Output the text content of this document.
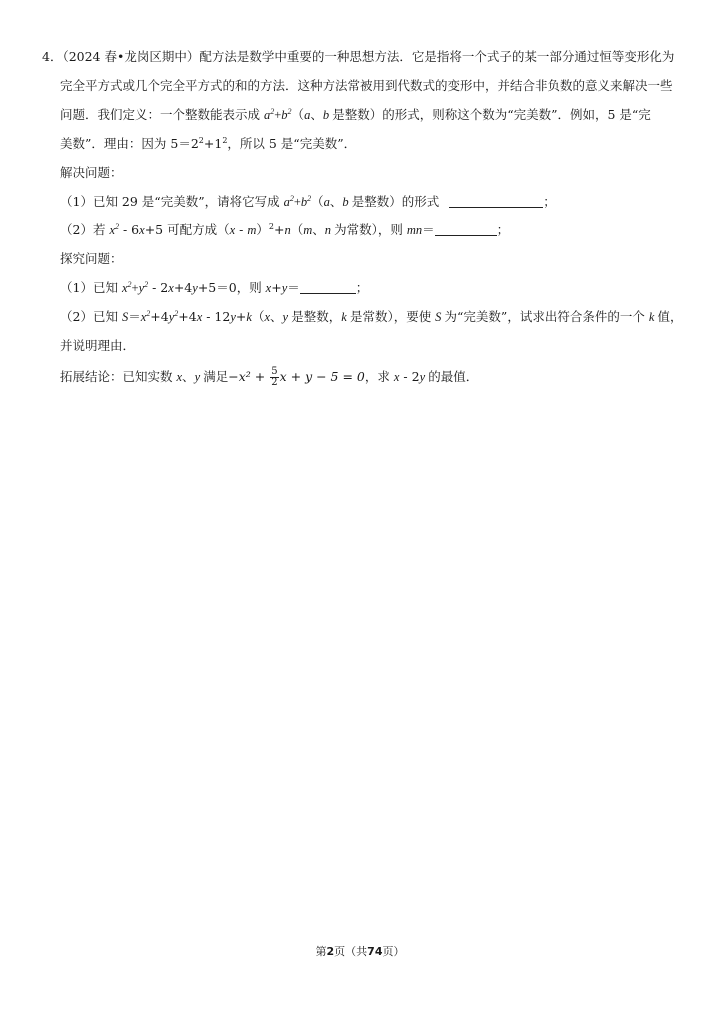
4．（2024 春•龙岗区期中）配方法是数学中重要的一种思想方法．它是指将一个式子的某一部分通过恒等变形化为
完全平方式或几个完全平方式的和的方法．这种方法常被用到代数式的变形中，并结合非负数的意义来解决一些
问题．我们定义：一个整数能表示成 $a^2+b^2(a$、b 是整数）的形式，则称这个数为“完美数”．例如，5 是“完
美数”．理由：因为 $5=2^2+1^2$，所以 5 是“完美数”．
解决问题：
（1）已知 29 是“完美数”，请将它写成 $a^2+b^2(a$、b 是整数）的形式	；
（2）若 $x^2 - 6x+5$ 可配方成（x - m）$^2$+n（m、n 为常数），则 mn＝	；
探究问题：
（1）已知 $x^2+y^2 - 2x+4y+5=0$，则 x+y＝	；
（2）已知 $S=x^2+4y^2+4x - 12y+k(x$、y 是整数，k 是常数），要使 S 为“完美数”，试求出符合条件的一个 k 值，
并说明理由．
拓展结论：已知实数 x、y 满足$-x^2 + \frac{5}{2}$ x + y − 5 = 0，求 x - 2y 的最值．
第2页（共74页）
